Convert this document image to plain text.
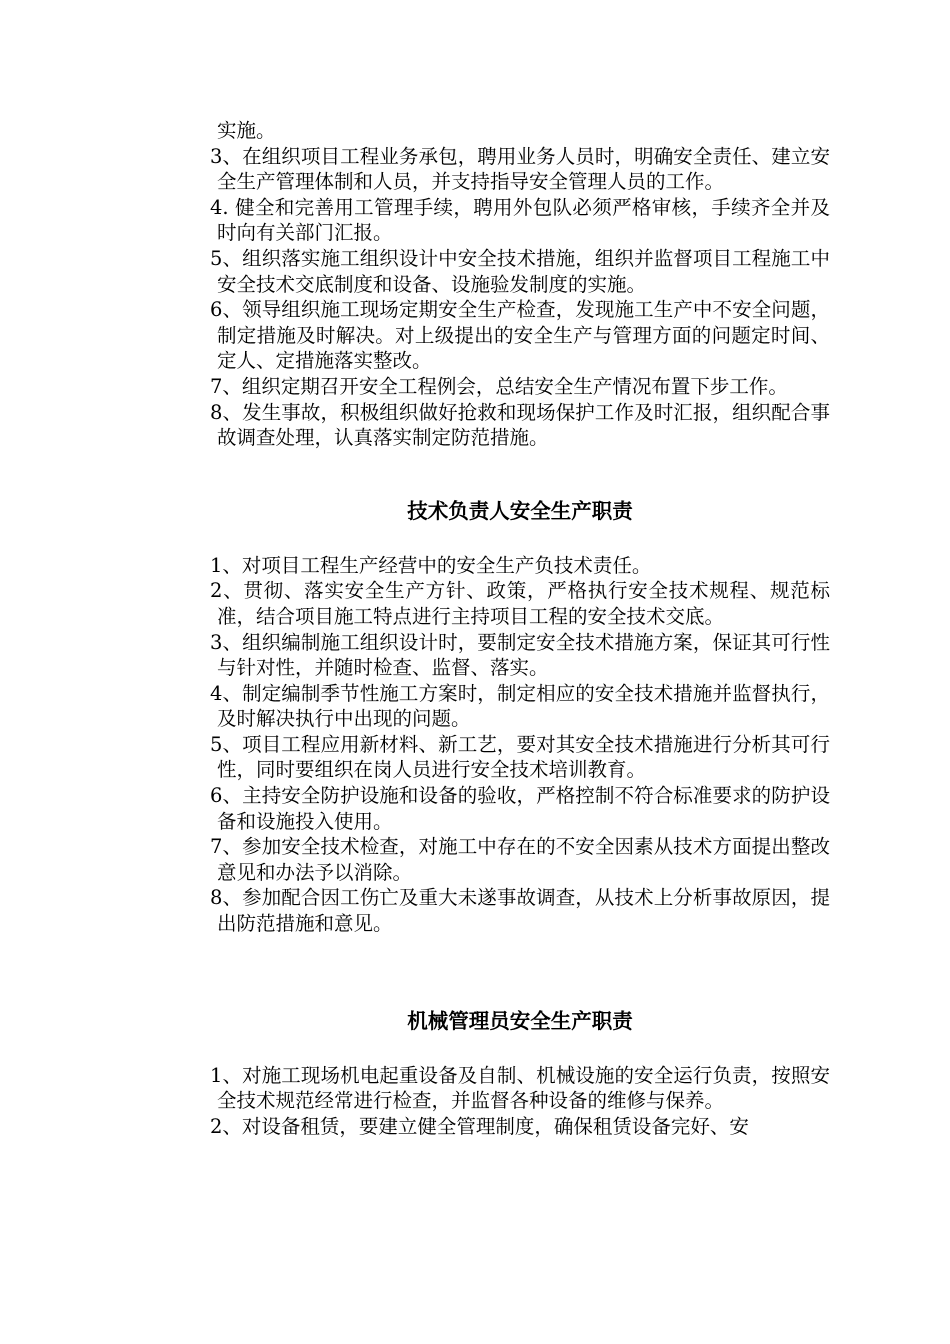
实施。

3、在组织项目工程业务承包，聘用业务人员时，明确安全责任、建立安全生产管理体制和人员，并支持指导安全管理人员的工作。

4. 健全和完善用工管理手续，聘用外包队必须严格审核，手续齐全并及时向有关部门汇报。

5、组织落实施工组织设计中安全技术措施，组织并监督项目工程施工中安全技术交底制度和设备、设施验发制度的实施。

6、领导组织施工现场定期安全生产检查，发现施工生产中不安全问题，制定措施及时解决。对上级提出的安全生产与管理方面的问题定时间、定人、定措施落实整改。

7、组织定期召开安全工程例会，总结安全生产情况布置下步工作。

8、发生事故，积极组织做好抢救和现场保护工作及时汇报，组织配合事故调查处理，认真落实制定防范措施。

技术负责人安全生产职责

1、对项目工程生产经营中的安全生产负技术责任。

2、贯彻、落实安全生产方针、政策，严格执行安全技术规程、规范标准，结合项目施工特点进行主持项目工程的安全技术交底。

3、组织编制施工组织设计时，要制定安全技术措施方案，保证其可行性与针对性，并随时检查、监督、落实。

4、制定编制季节性施工方案时，制定相应的安全技术措施并监督执行，及时解决执行中出现的问题。

5、项目工程应用新材料、新工艺，要对其安全技术措施进行分析其可行性，同时要组织在岗人员进行安全技术培训教育。

6、主持安全防护设施和设备的验收，严格控制不符合标准要求的防护设备和设施投入使用。

7、参加安全技术检查，对施工中存在的不安全因素从技术方面提出整改意见和办法予以消除。

8、参加配合因工伤亡及重大未遂事故调查，从技术上分析事故原因，提出防范措施和意见。

机械管理员安全生产职责

1、对施工现场机电起重设备及自制、机械设施的安全运行负责，按照安全技术规范经常进行检查，并监督各种设备的维修与保养。

2、对设备租赁，要建立健全管理制度，确保租赁设备完好、安
